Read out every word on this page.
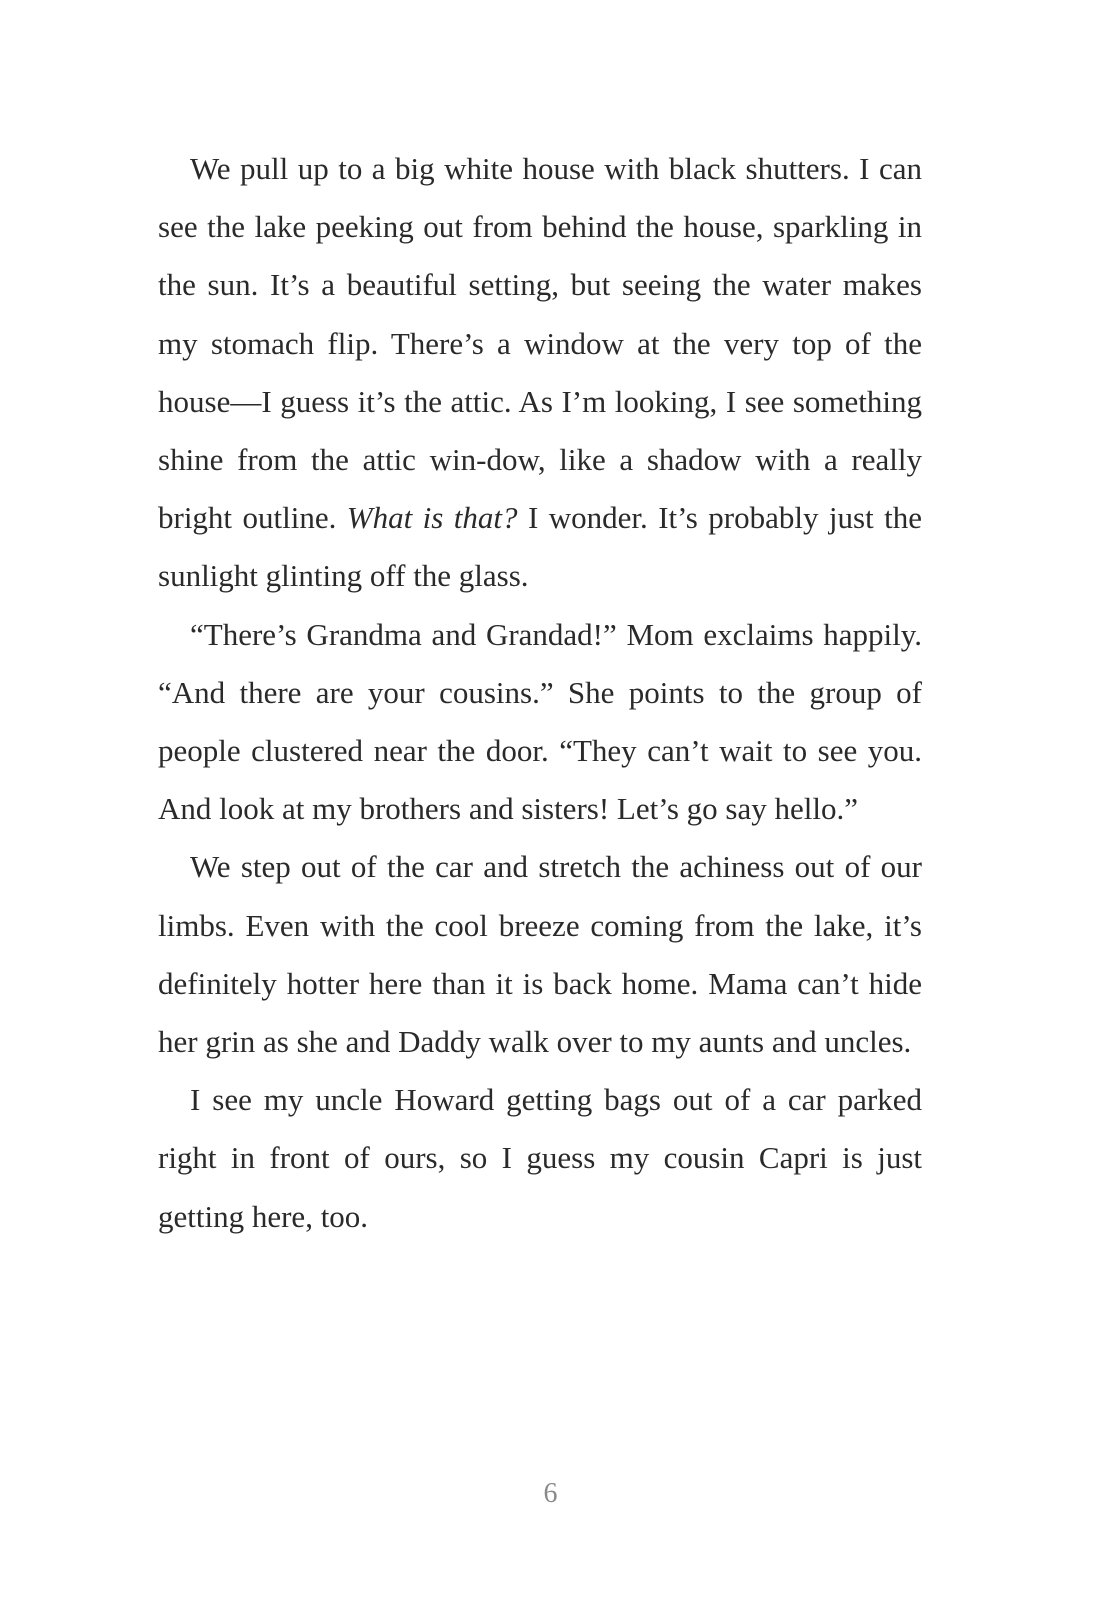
We pull up to a big white house with black shutters. I can see the lake peeking out from behind the house, sparkling in the sun. It’s a beautiful setting, but seeing the water makes my stomach flip. There’s a window at the very top of the house—I guess it’s the attic. As I’m looking, I see something shine from the attic win-dow, like a shadow with a really bright outline. What is that? I wonder. It’s probably just the sunlight glinting off the glass.

“There’s Grandma and Grandad!” Mom exclaims happily. “And there are your cousins.” She points to the group of people clustered near the door. “They can’t wait to see you. And look at my brothers and sisters! Let’s go say hello.”

We step out of the car and stretch the achiness out of our limbs. Even with the cool breeze coming from the lake, it’s definitely hotter here than it is back home. Mama can’t hide her grin as she and Daddy walk over to my aunts and uncles.

I see my uncle Howard getting bags out of a car parked right in front of ours, so I guess my cousin Capri is just getting here, too.

6
